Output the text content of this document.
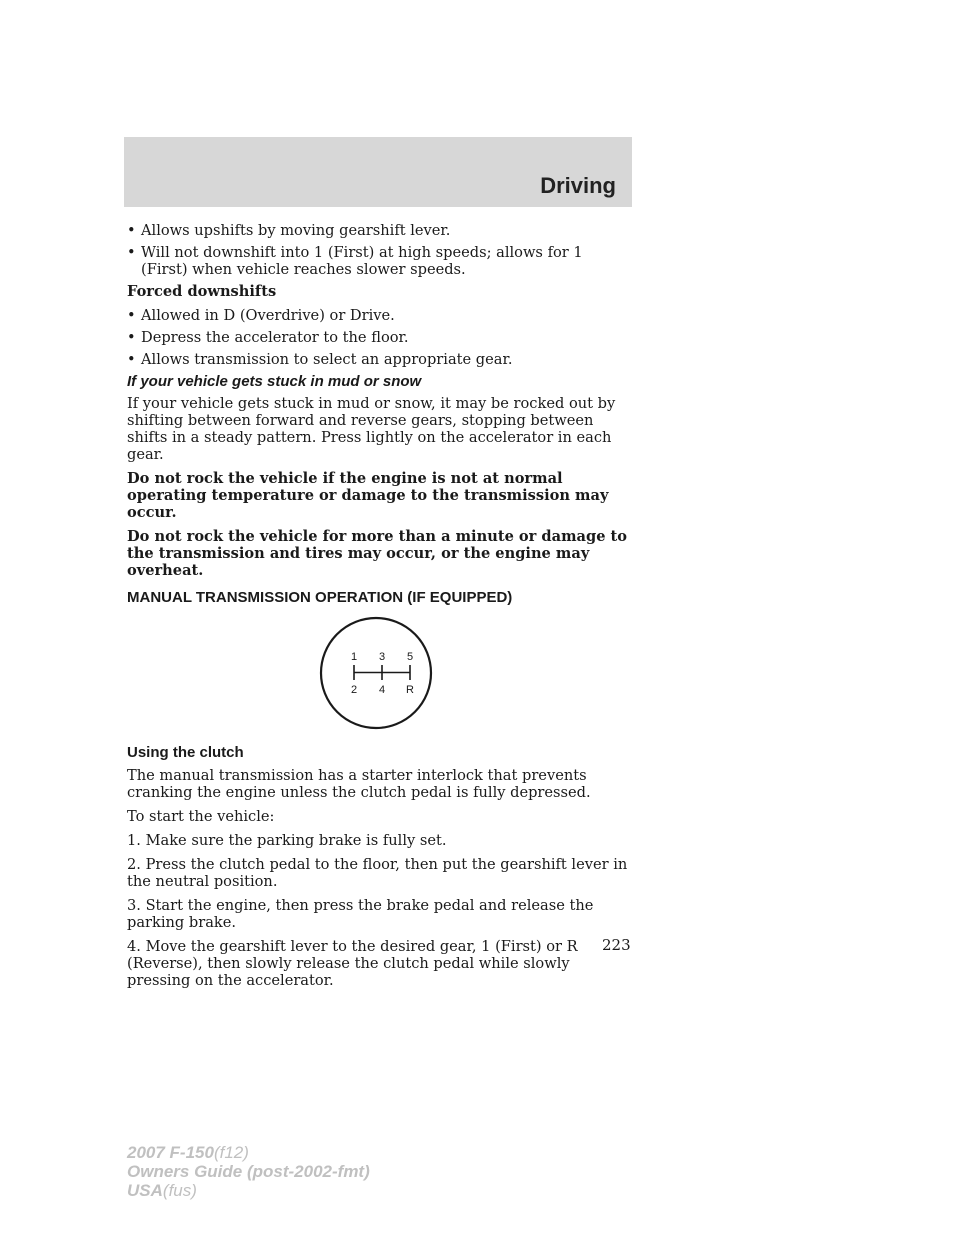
Driving
• Allows upshifts by moving gearshift lever.
• Will not downshift into 1 (First) at high speeds; allows for 1 (First) when vehicle reaches slower speeds.

Forced downshifts

• Allowed in D (Overdrive) or Drive.
• Depress the accelerator to the floor.
• Allows transmission to select an appropriate gear.
If your vehicle gets stuck in mud or snow

If your vehicle gets stuck in mud or snow, it may be rocked out by shifting between forward and reverse gears, stopping between shifts in a steady pattern. Press lightly on the accelerator in each gear.

Do not rock the vehicle if the engine is not at normal operating temperature or damage to the transmission may occur.

Do not rock the vehicle for more than a minute or damage to the transmission and tires may occur, or the engine may overheat.

MANUAL TRANSMISSION OPERATION (IF EQUIPPED)
1 3 5
2 4 R
Using the clutch

The manual transmission has a starter interlock that prevents cranking the engine unless the clutch pedal is fully depressed.

To start the vehicle:

1. Make sure the parking brake is fully set.

2. Press the clutch pedal to the floor, then put the gearshift lever in the neutral position.

3. Start the engine, then press the brake pedal and release the parking brake.

4. Move the gearshift lever to the desired gear, 1 (First) or R (Reverse), then slowly release the clutch pedal while slowly pressing on the accelerator.

223
2007 F-150(f12)
Owners Guide (post-2002-fmt)
USA(fus)
